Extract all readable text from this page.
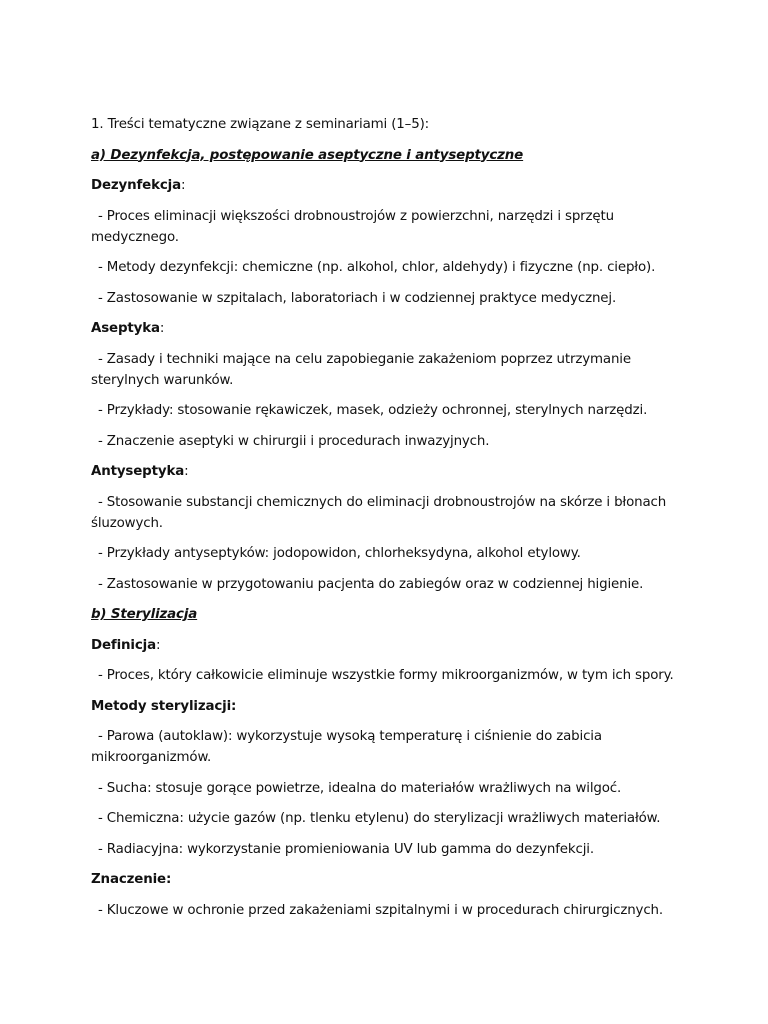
1. Treści tematyczne związane z seminariami (1–5):

a) Dezynfekcja, postępowanie aseptyczne i antyseptyczne

Dezynfekcja:

- Proces eliminacji większości drobnoustrojów z powierzchni, narzędzi i sprzętu medycznego.

- Metody dezynfekcji: chemiczne (np. alkohol, chlor, aldehydy) i fizyczne (np. ciepło).

- Zastosowanie w szpitalach, laboratoriach i w codziennej praktyce medycznej.

Aseptyka:

- Zasady i techniki mające na celu zapobieganie zakażeniom poprzez utrzymanie sterylnych warunków.

- Przykłady: stosowanie rękawiczek, masek, odzieży ochronnej, sterylnych narzędzi.

- Znaczenie aseptyki w chirurgii i procedurach inwazyjnych.

Antyseptyka:

- Stosowanie substancji chemicznych do eliminacji drobnoustrojów na skórze i błonach śluzowych.

- Przykłady antyseptyków: jodopowidon, chlorheksydyna, alkohol etylowy.

- Zastosowanie w przygotowaniu pacjenta do zabiegów oraz w codziennej higienie.

b) Sterylizacja

Definicja:

- Proces, który całkowicie eliminuje wszystkie formy mikroorganizmów, w tym ich spory.

Metody sterylizacji:

- Parowa (autoklaw): wykorzystuje wysoką temperaturę i ciśnienie do zabicia mikroorganizmów.

- Sucha: stosuje gorące powietrze, idealna do materiałów wrażliwych na wilgoć.

- Chemiczna: użycie gazów (np. tlenku etylenu) do sterylizacji wrażliwych materiałów.

- Radiacyjna: wykorzystanie promieniowania UV lub gamma do dezynfekcji.

Znaczenie:

- Kluczowe w ochronie przed zakażeniami szpitalnymi i w procedurach chirurgicznych.
